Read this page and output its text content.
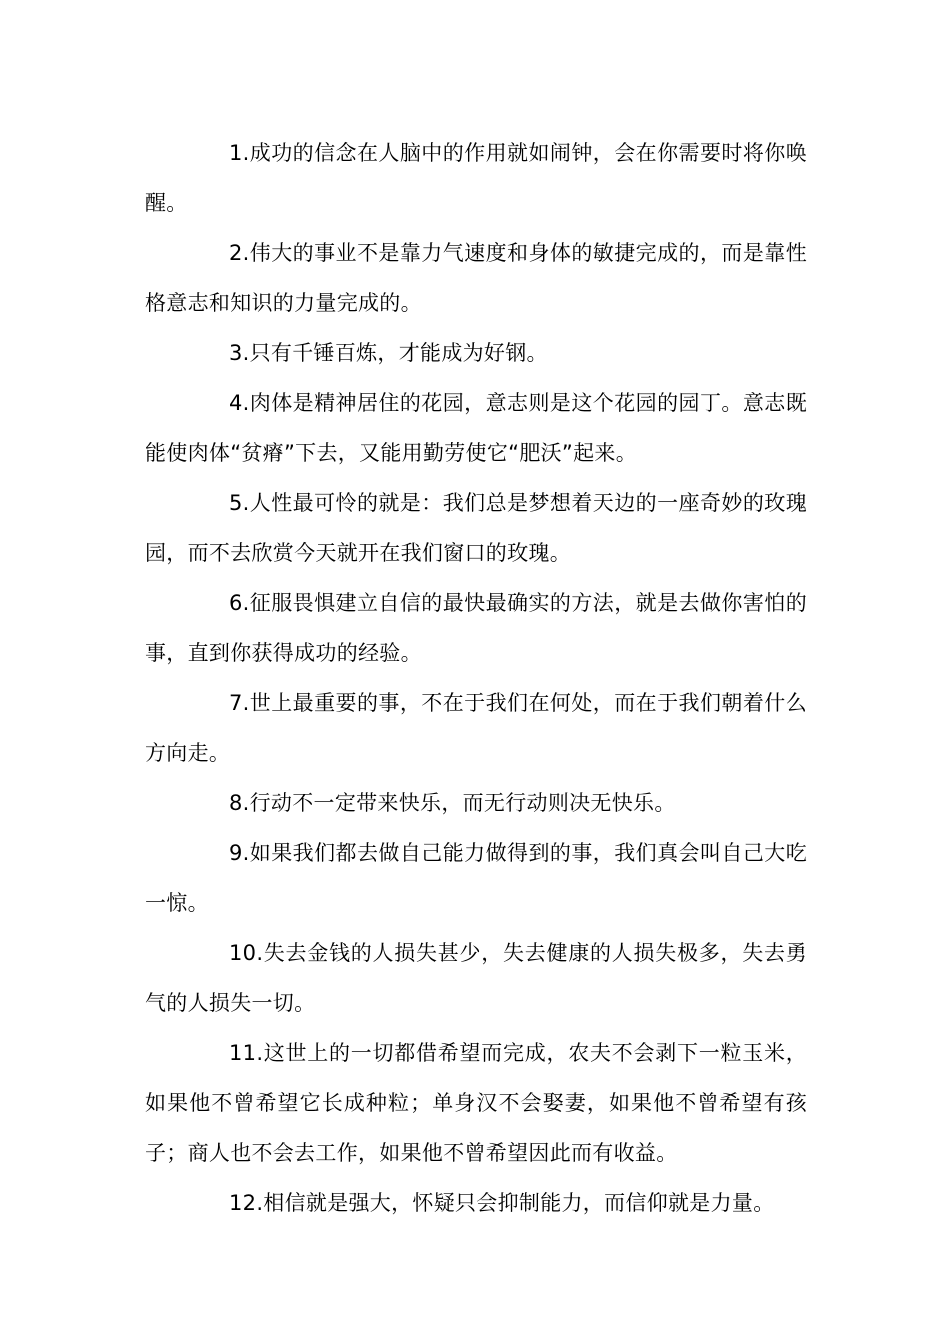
1.成功的信念在人脑中的作用就如闹钟，会在你需要时将你唤醒。

2.伟大的事业不是靠力气速度和身体的敏捷完成的，而是靠性格意志和知识的力量完成的。

3.只有千锤百炼，才能成为好钢。

4.肉体是精神居住的花园，意志则是这个花园的园丁。意志既能使肉体“贫瘠”下去，又能用勤劳使它“肥沃”起来。

5.人性最可怜的就是：我们总是梦想着天边的一座奇妙的玫瑰园，而不去欣赏今天就开在我们窗口的玫瑰。

6.征服畏惧建立自信的最快最确实的方法，就是去做你害怕的事，直到你获得成功的经验。

7.世上最重要的事，不在于我们在何处，而在于我们朝着什么方向走。

8.行动不一定带来快乐，而无行动则决无快乐。

9.如果我们都去做自己能力做得到的事，我们真会叫自己大吃一惊。

10.失去金钱的人损失甚少，失去健康的人损失极多，失去勇气的人损失一切。

11.这世上的一切都借希望而完成，农夫不会剥下一粒玉米，如果他不曾希望它长成种粒；单身汉不会娶妻，如果他不曾希望有孩子；商人也不会去工作，如果他不曾希望因此而有收益。

12.相信就是强大，怀疑只会抑制能力，而信仰就是力量。
